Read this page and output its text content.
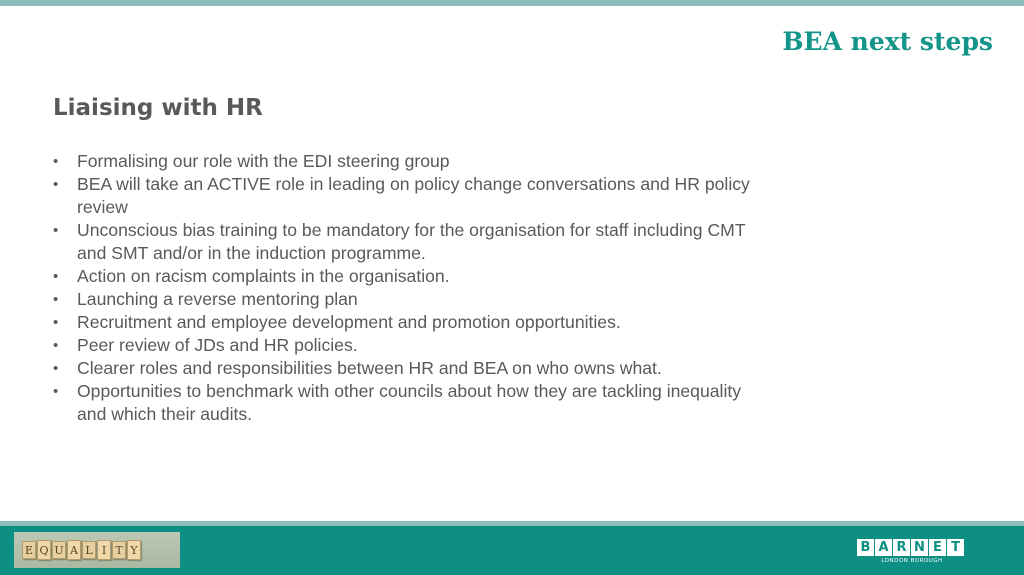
BEA next steps
Liaising with HR
• Formalising our role with the EDI steering group
• BEA will take an ACTIVE role in leading on policy change conversations and HR policy review
• Unconscious bias training to be mandatory for the organisation for staff including CMT and SMT and/or in the induction programme.
• Action on racism complaints in the organisation.
• Launching a reverse mentoring plan
• Recruitment and employee development and promotion opportunities.
• Peer review of JDs and HR policies.
• Clearer roles and responsibilities between HR and BEA on who owns what.
• Opportunities to benchmark with other councils about how they are tackling inequality and which their audits.
E Q U A L I T Y	B A R N E T
LONDON BOROUGH
